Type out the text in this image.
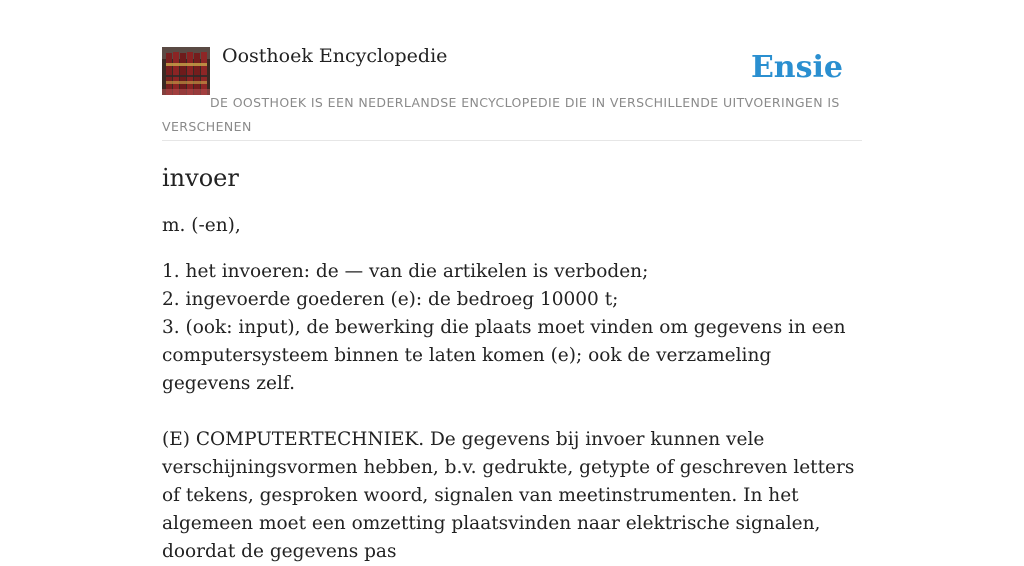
Oosthoek Encyclopedie	Ensie
DE OOSTHOEK IS EEN NEDERLANDSE ENCYCLOPEDIE DIE IN VERSCHILLENDE UITVOERINGEN IS VERSCHENEN
invoer

m. (-en),

1. het invoeren: de — van die artikelen is verboden;
2. ingevoerde goederen (e): de bedroeg 10000 t;
3. (ook: input), de bewerking die plaats moet vinden om gegevens in een computersysteem binnen te laten komen (e); ook de verzameling gegevens zelf.

(E) COMPUTERTECHNIEK. De gegevens bij invoer kunnen vele verschijningsvormen hebben, b.v. gedrukte, getypte of geschreven letters of tekens, gesproken woord, signalen van meetinstrumenten. In het algemeen moet een omzetting plaatsvinden naar elektrische signalen, doordat de gegevens pas
